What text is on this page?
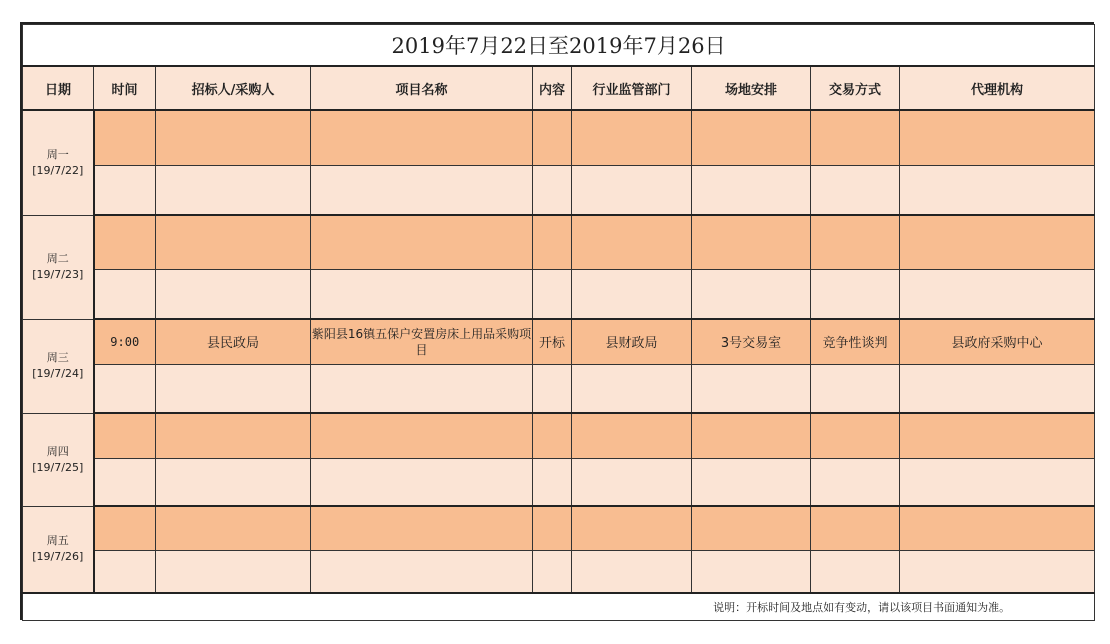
2019年7月22日至2019年7月26日								
日期	时间	招标人/采购人	项目名称	内容	行业监管部门	场地安排	交易方式	代理机构

周一
[19/7/22]								

周二
[19/7/23]								

周三
[19/7/24]	9:00	县民政局	紫阳县16镇五保户安置房床上用品采购项目	开标	县财政局	3号交易室	竞争性谈判	县政府采购中心

周四
[19/7/25]								

周五
[19/7/26]								

说明：开标时间及地点如有变动，请以该项目书面通知为准。								
